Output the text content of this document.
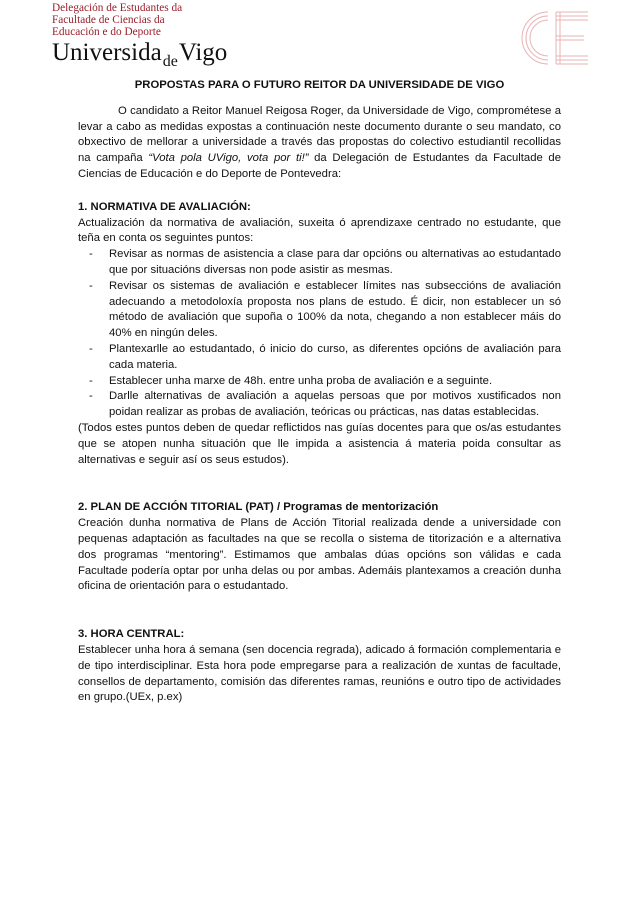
Delegación de Estudantes da
Facultade de Ciencias da
Educación e do Deporte
Universida$_{de}$Vigo
PROPOSTAS PARA O FUTURO REITOR DA UNIVERSIDADE DE VIGO

O candidato a Reitor Manuel Reigosa Roger, da Universidade de Vigo, comprométese a levar a cabo as medidas expostas a continuación neste documento durante o seu mandato, co obxectivo de mellorar a universidade a través das propostas do colectivo estudiantil recollidas na campaña “Vota pola UVigo, vota por ti!” da Delegación de Estudantes da Facultade de Ciencias de Educación e do Deporte de Pontevedra:

1. NORMATIVA DE AVALIACIÓN:

Actualización da normativa de avaliación, suxeita ó aprendizaxe centrado no estudante, que teña en conta os seguintes puntos:

- Revisar as normas de asistencia a clase para dar opcións ou alternativas ao estudantado que por situacións diversas non pode asistir as mesmas.
- Revisar os sistemas de avaliación e establecer límites nas subseccións de avaliación adecuando a metodoloxía proposta nos plans de estudo. É dicir, non establecer un só método de avaliación que supoña o 100% da nota, chegando a non establecer máis do 40% en ningún deles.
- Plantexarlle ao estudantado, ó inicio do curso, as diferentes opcións de avaliación para cada materia.
- Establecer unha marxe de 48h. entre unha proba de avaliación e a seguinte.
- Darlle alternativas de avaliación a aquelas persoas que por motivos xustificados non poidan realizar as probas de avaliación, teóricas ou prácticas, nas datas establecidas.

(Todos estes puntos deben de quedar reflictidos nas guías docentes para que os/as estudantes que se atopen nunha situación que lle impida a asistencia á materia poida consultar as alternativas e seguir así os seus estudos).

2. PLAN DE ACCIÓN TITORIAL (PAT) / Programas de mentorización

Creación dunha normativa de Plans de Acción Titorial realizada dende a universidade con pequenas adaptación as facultades na que se recolla o sistema de titorización e a alternativa dos programas “mentoring”. Estimamos que ambalas dúas opcións son válidas e cada Facultade podería optar por unha delas ou por ambas. Ademáis plantexamos a creación dunha oficina de orientación para o estudantado.

3. HORA CENTRAL:

Establecer unha hora á semana (sen docencia regrada), adicado á formación complementaria e de tipo interdisciplinar. Esta hora pode empregarse para a realización de xuntas de facultade, consellos de departamento, comisión das diferentes ramas, reunións e outro tipo de actividades en grupo.(UEx, p.ex)
